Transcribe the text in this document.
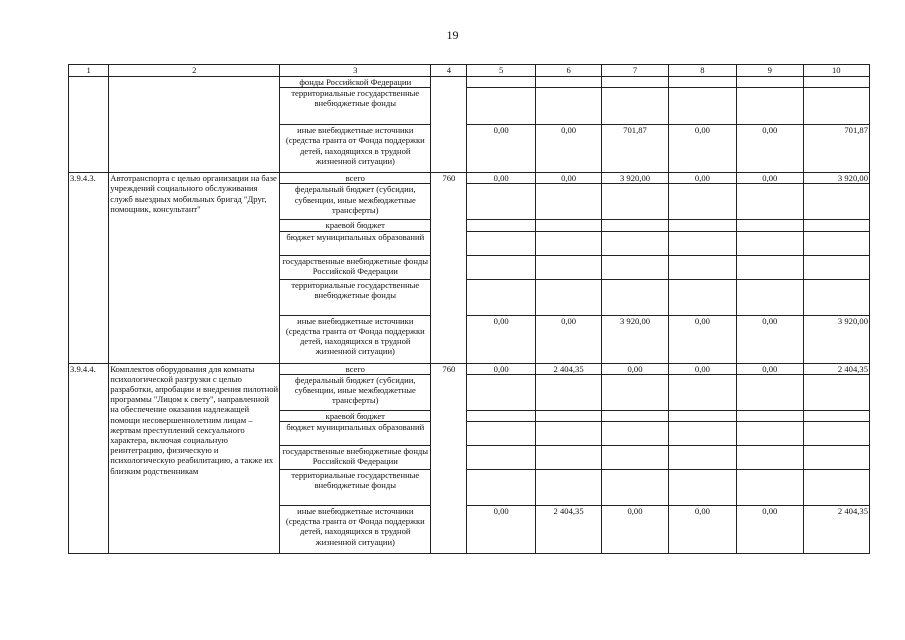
19
1	2	3	4	5	6	7	8	9	10
		фонды Российской Федерации							
		территориальные государственные внебюджетные фонды							
		иные внебюджетные источники (средства гранта от Фонда поддержки детей, находящихся в трудной жизненной ситуации)		0,00	0,00	701,87	0,00	0,00	701,87
3.9.4.3.	Автотранспорта с целью организации на базе учреждений социального обслуживания служб выездных мобильных бригад "Друг, помощник, консультант"	всего	760	0,00	0,00	3 920,00	0,00	0,00	3 920,00
		федеральный бюджет (субсидии, субвенции, иные межбюджетные трансферты)							
		краевой бюджет							
		бюджет муниципальных образований							
		государственные внебюджетные фонды Российской Федерации							
		территориальные государственные внебюджетные фонды							
		иные внебюджетные источники (средства гранта от Фонда поддержки детей, находящихся в трудной жизненной ситуации)		0,00	0,00	3 920,00	0,00	0,00	3 920,00
3.9.4.4.	Комплектов оборудования для комнаты психологической разгрузки с целью разработки, апробации и внедрения пилотной программы "Лицом к свету", направленной на обеспечение оказания надлежащей помощи несовершеннолетним лицам – жертвам преступлений сексуального характера, включая социальную реинтеграцию, физическую и психологическую реабилитацию, а также их близким родственникам	всего	760	0,00	2 404,35	0,00	0,00	0,00	2 404,35
		федеральный бюджет (субсидии, субвенции, иные межбюджетные трансферты)							
		краевой бюджет							
		бюджет муниципальных образований							
		государственные внебюджетные фонды Российской Федерации							
		территориальные государственные внебюджетные фонды							
		иные внебюджетные источники (средства гранта от Фонда поддержки детей, находящихся в трудной жизненной ситуации)		0,00	2 404,35	0,00	0,00	0,00	2 404,35
